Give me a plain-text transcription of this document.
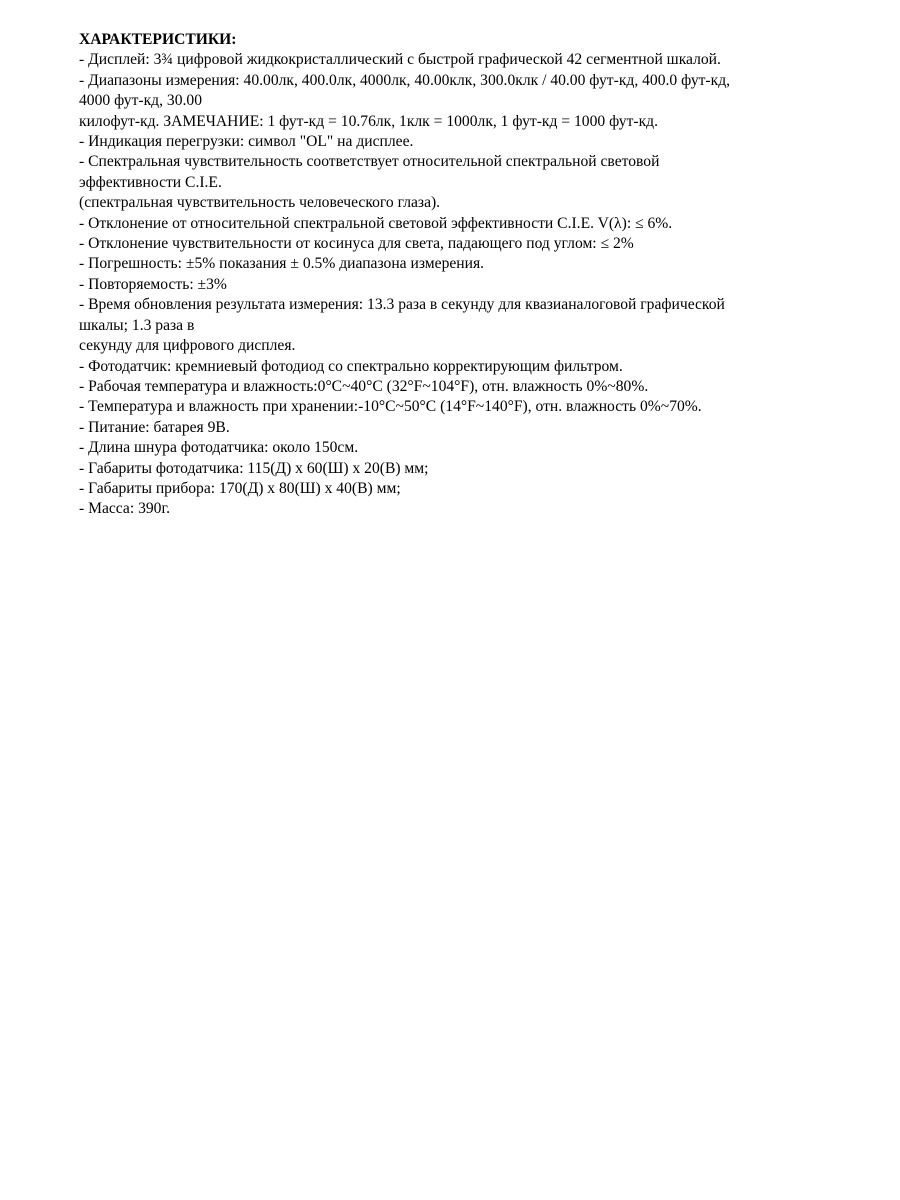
ХАРАКТЕРИСТИКИ:

- Дисплей: 3¾ цифровой жидкокристаллический с быстрой графической 42 сегментной шкалой.

- Диапазоны измерения: 40.00лк, 400.0лк, 4000лк, 40.00клк, 300.0клк / 40.00 фут-кд, 400.0 фут-кд,

4000 фут-кд, 30.00

килофут-кд. ЗАМЕЧАНИЕ: 1 фут-кд = 10.76лк, 1клк = 1000лк, 1 фут-кд = 1000 фут-кд.

- Индикация перегрузки: символ "OL" на дисплее.

- Спектральная чувствительность соответствует относительной спектральной световой

эффективности C.I.E.

(спектральная чувствительность человеческого глаза).

- Отклонение от относительной спектральной световой эффективности C.I.E. V(λ): ≤ 6%.

- Отклонение чувствительности от косинуса для света, падающего под углом: ≤ 2%

- Погрешность: ±5% показания ± 0.5% диапазона измерения.

- Повторяемость: ±3%

- Время обновления результата измерения: 13.3 раза в секунду для квазианалоговой графической

шкалы; 1.3 раза в

секунду для цифрового дисплея.

- Фотодатчик: кремниевый фотодиод со спектрально корректирующим фильтром.

- Рабочая температура и влажность:0°C~40°C (32°F~104°F), отн. влажность 0%~80%.

- Температура и влажность при хранении:-10°C~50°C (14°F~140°F), отн. влажность 0%~70%.

- Питание: батарея 9В.

- Длина шнура фотодатчика: около 150см.

- Габариты фотодатчика: 115(Д) x 60(Ш) x 20(В) мм;

- Габариты прибора: 170(Д) x 80(Ш) x 40(В) мм;

- Масса: 390г.
